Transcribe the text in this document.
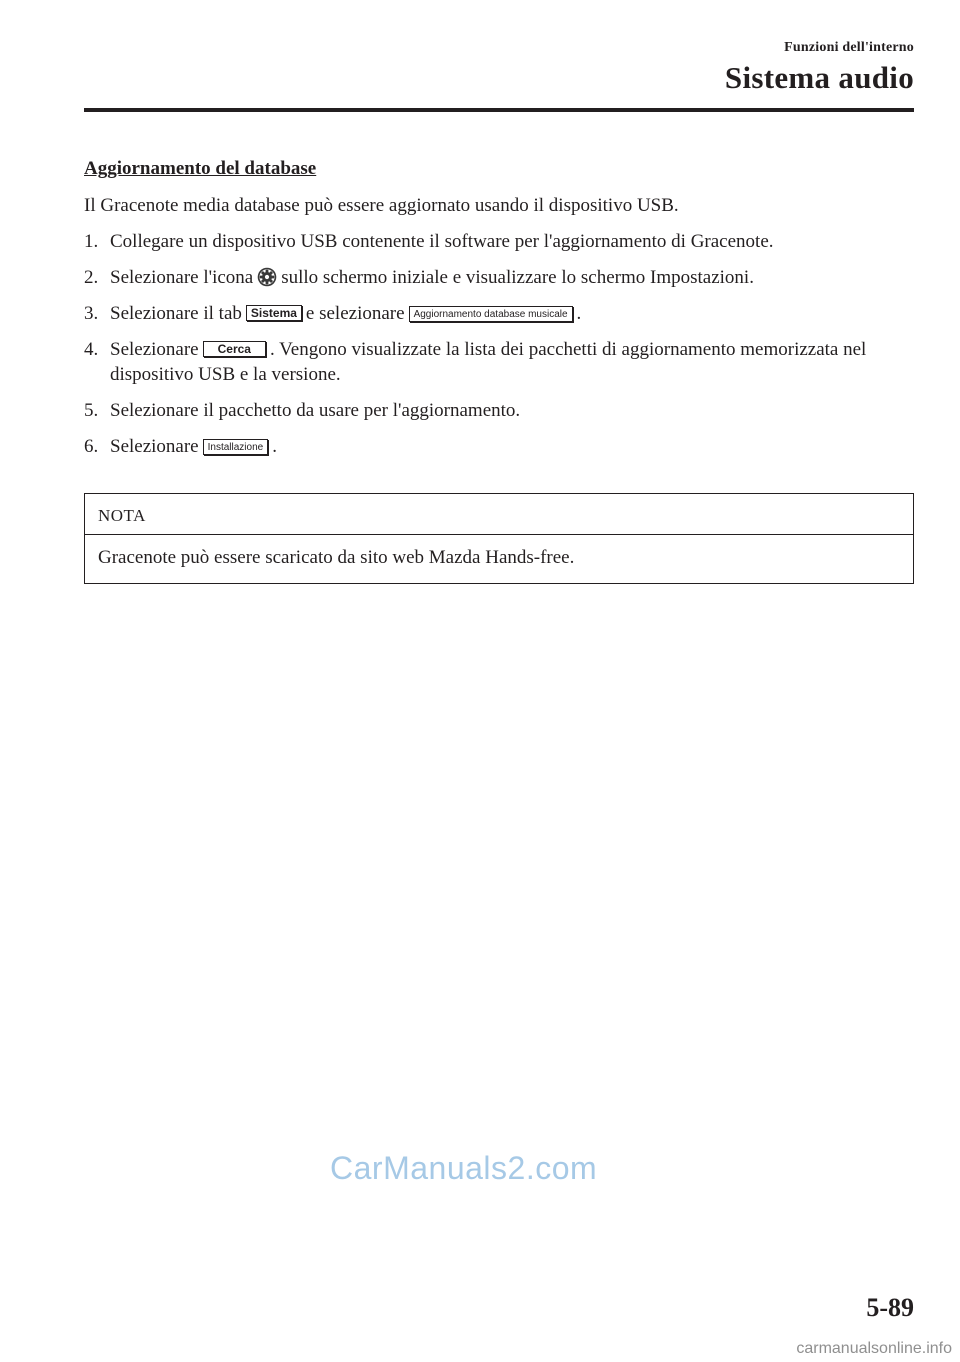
Funzioni dell'interno
Sistema audio
Aggiornamento del database
Il Gracenote media database può essere aggiornato usando il dispositivo USB.
1. Collegare un dispositivo USB contenente il software per l'aggiornamento di Gracenote.
2. Selezionare l'icona sullo schermo iniziale e visualizzare lo schermo Impostazioni.
3. Selezionare il tab Sistema e selezionare Aggiornamento database musicale .
4. Selezionare Cerca . Vengono visualizzate la lista dei pacchetti di aggiornamento memorizzata nel dispositivo USB e la versione.
5. Selezionare il pacchetto da usare per l'aggiornamento.
6. Selezionare Installazione .
NOTA
Gracenote può essere scaricato da sito web Mazda Hands-free.
CarManuals2.com
5-89
carmanualsonline.info
